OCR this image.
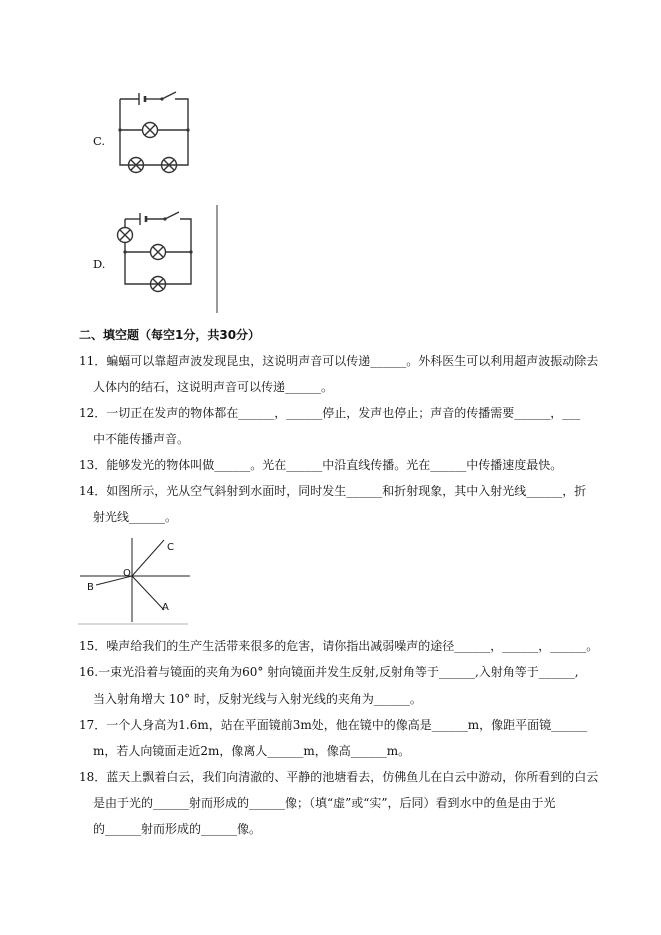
C.
D.
二、填空题（每空1分，共30分）
11．蝙蝠可以靠超声波发现昆虫，这说明声音可以传递______。外科医生可以利用超声波振动除去
人体内的结石，这说明声音可以传递______。
12．一切正在发声的物体都在______，______停止，发声也停止；声音的传播需要______，___
中不能传播声音。
13．能够发光的物体叫做______。光在______中沿直线传播。光在______中传播速度最快。
14．如图所示，光从空气斜射到水面时，同时发生______和折射现象，其中入射光线______，折
射光线______。
C
O
B
A
15．噪声给我们的生产生活带来很多的危害，请你指出减弱噪声的途径______，______，______。
16.一束光沿着与镜面的夹角为60° 射向镜面并发生反射,反射角等于______,入射角等于______,
当入射角增大 10° 时，反射光线与入射光线的夹角为______。
17．一个人身高为1.6m，站在平面镜前3m处，他在镜中的像高是______m，像距平面镜______
m，若人向镜面走近2m，像离人______m，像高______m。
18．蓝天上飘着白云，我们向清澈的、平静的池塘看去，仿佛鱼儿在白云中游动，你所看到的白云
是由于光的______射而形成的______像；（填“虚”或“实”，后同）看到水中的鱼是由于光
的______射而形成的______像。
